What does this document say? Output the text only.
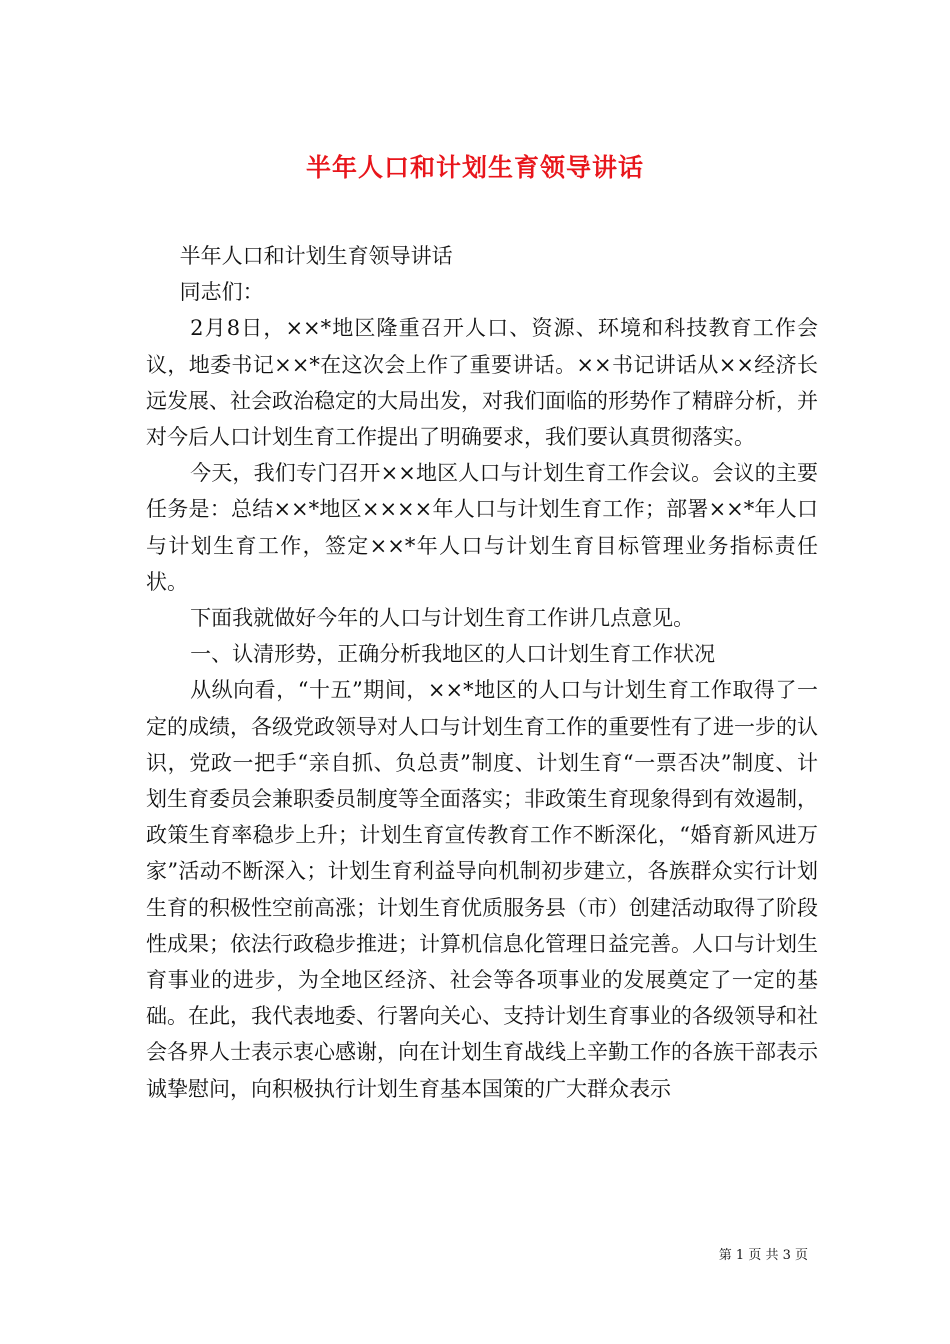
半年人口和计划生育领导讲话

半年人口和计划生育领导讲话

同志们：

2月8日，××*地区隆重召开人口、资源、环境和科技教育工作会议，地委书记××*在这次会上作了重要讲话。××书记讲话从××经济长远发展、社会政治稳定的大局出发，对我们面临的形势作了精辟分析，并对今后人口计划生育工作提出了明确要求，我们要认真贯彻落实。

今天，我们专门召开××地区人口与计划生育工作会议。会议的主要任务是：总结××*地区××××年人口与计划生育工作；部署××*年人口与计划生育工作，签定××*年人口与计划生育目标管理业务指标责任状。

下面我就做好今年的人口与计划生育工作讲几点意见。

一、认清形势，正确分析我地区的人口计划生育工作状况

从纵向看，“十五”期间，××*地区的人口与计划生育工作取得了一定的成绩，各级党政领导对人口与计划生育工作的重要性有了进一步的认识，党政一把手“亲自抓、负总责”制度、计划生育“一票否决”制度、计划生育委员会兼职委员制度等全面落实；非政策生育现象得到有效遏制，政策生育率稳步上升；计划生育宣传教育工作不断深化，“婚育新风进万家”活动不断深入；计划生育利益导向机制初步建立，各族群众实行计划生育的积极性空前高涨；计划生育优质服务县（市）创建活动取得了阶段性成果；依法行政稳步推进；计算机信息化管理日益完善。人口与计划生育事业的进步，为全地区经济、社会等各项事业的发展奠定了一定的基础。在此，我代表地委、行署向关心、支持计划生育事业的各级领导和社会各界人士表示衷心感谢，向在计划生育战线上辛勤工作的各族干部表示诚挚慰问，向积极执行计划生育基本国策的广大群众表示

第 1 页 共 3 页
